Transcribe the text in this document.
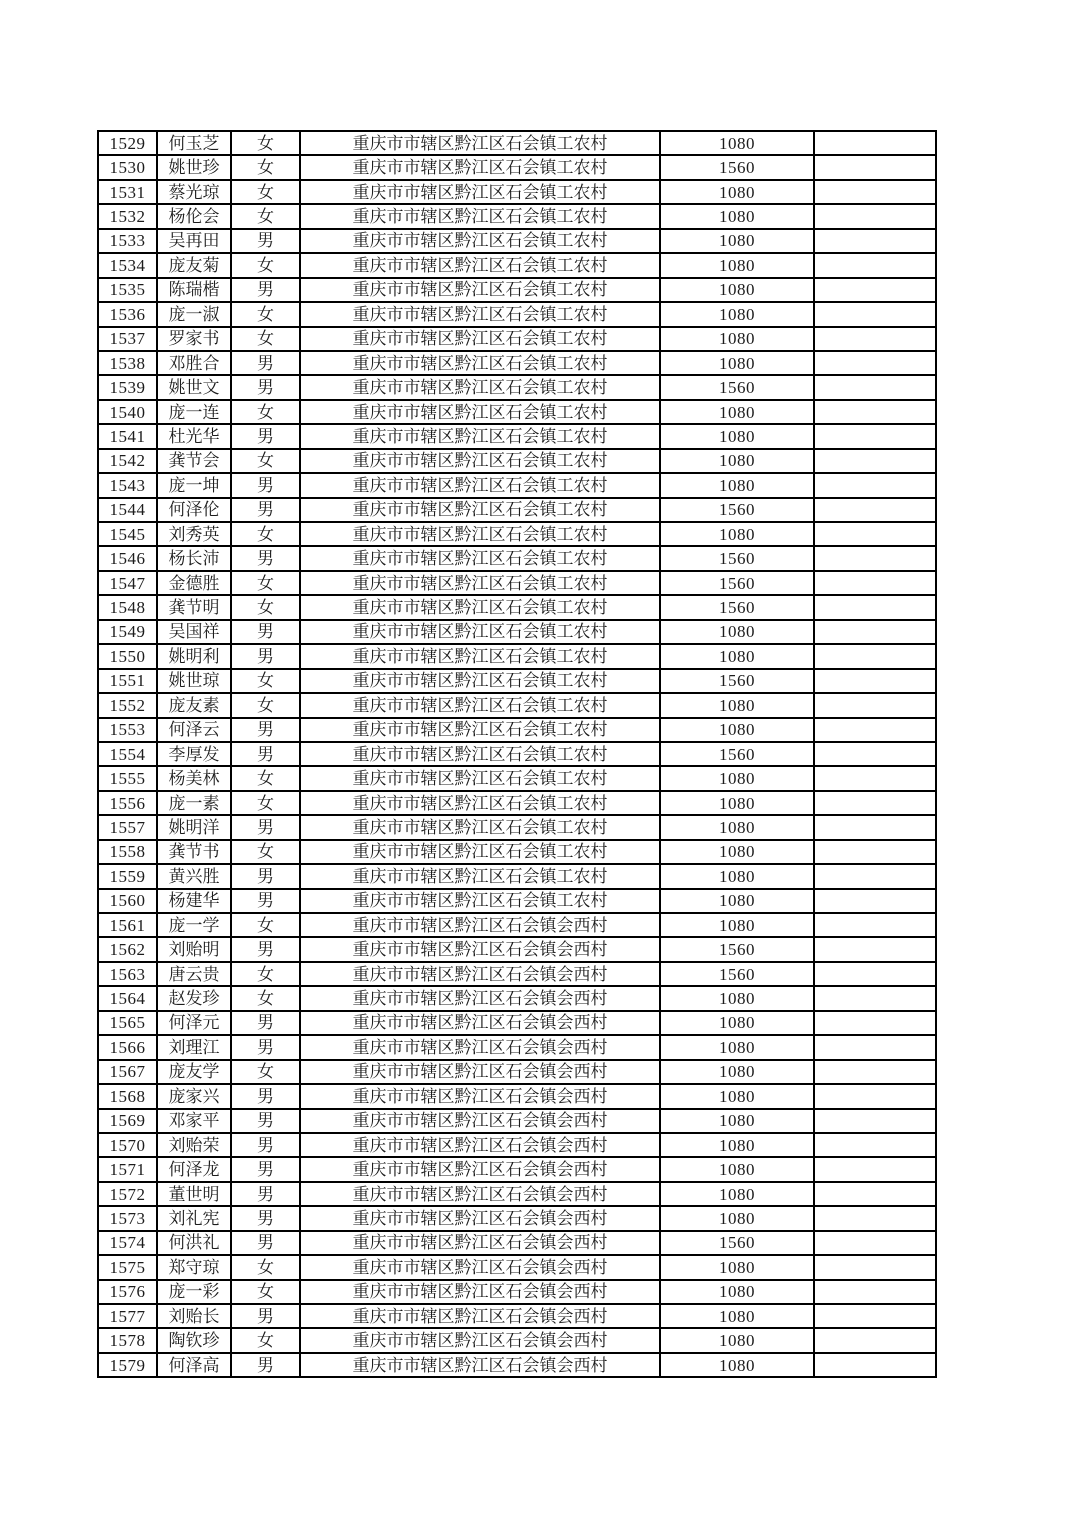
1529	何玉芝	女	重庆市市辖区黔江区石会镇工农村	1080	
1530	姚世珍	女	重庆市市辖区黔江区石会镇工农村	1560	
1531	蔡光琼	女	重庆市市辖区黔江区石会镇工农村	1080	
1532	杨伦会	女	重庆市市辖区黔江区石会镇工农村	1080	
1533	吴再田	男	重庆市市辖区黔江区石会镇工农村	1080	
1534	庞友菊	女	重庆市市辖区黔江区石会镇工农村	1080	
1535	陈瑞楷	男	重庆市市辖区黔江区石会镇工农村	1080	
1536	庞一淑	女	重庆市市辖区黔江区石会镇工农村	1080	
1537	罗家书	女	重庆市市辖区黔江区石会镇工农村	1080	
1538	邓胜合	男	重庆市市辖区黔江区石会镇工农村	1080	
1539	姚世文	男	重庆市市辖区黔江区石会镇工农村	1560	
1540	庞一连	女	重庆市市辖区黔江区石会镇工农村	1080	
1541	杜光华	男	重庆市市辖区黔江区石会镇工农村	1080	
1542	龚节会	女	重庆市市辖区黔江区石会镇工农村	1080	
1543	庞一坤	男	重庆市市辖区黔江区石会镇工农村	1080	
1544	何泽伦	男	重庆市市辖区黔江区石会镇工农村	1560	
1545	刘秀英	女	重庆市市辖区黔江区石会镇工农村	1080	
1546	杨长沛	男	重庆市市辖区黔江区石会镇工农村	1560	
1547	金德胜	女	重庆市市辖区黔江区石会镇工农村	1560	
1548	龚节明	女	重庆市市辖区黔江区石会镇工农村	1560	
1549	吴国祥	男	重庆市市辖区黔江区石会镇工农村	1080	
1550	姚明利	男	重庆市市辖区黔江区石会镇工农村	1080	
1551	姚世琼	女	重庆市市辖区黔江区石会镇工农村	1560	
1552	庞友素	女	重庆市市辖区黔江区石会镇工农村	1080	
1553	何泽云	男	重庆市市辖区黔江区石会镇工农村	1080	
1554	李厚发	男	重庆市市辖区黔江区石会镇工农村	1560	
1555	杨美林	女	重庆市市辖区黔江区石会镇工农村	1080	
1556	庞一素	女	重庆市市辖区黔江区石会镇工农村	1080	
1557	姚明洋	男	重庆市市辖区黔江区石会镇工农村	1080	
1558	龚节书	女	重庆市市辖区黔江区石会镇工农村	1080	
1559	黄兴胜	男	重庆市市辖区黔江区石会镇工农村	1080	
1560	杨建华	男	重庆市市辖区黔江区石会镇工农村	1080	
1561	庞一学	女	重庆市市辖区黔江区石会镇会西村	1080	
1562	刘贻明	男	重庆市市辖区黔江区石会镇会西村	1560	
1563	唐云贵	女	重庆市市辖区黔江区石会镇会西村	1560	
1564	赵发珍	女	重庆市市辖区黔江区石会镇会西村	1080	
1565	何泽元	男	重庆市市辖区黔江区石会镇会西村	1080	
1566	刘理江	男	重庆市市辖区黔江区石会镇会西村	1080	
1567	庞友学	女	重庆市市辖区黔江区石会镇会西村	1080	
1568	庞家兴	男	重庆市市辖区黔江区石会镇会西村	1080	
1569	邓家平	男	重庆市市辖区黔江区石会镇会西村	1080	
1570	刘贻荣	男	重庆市市辖区黔江区石会镇会西村	1080	
1571	何泽龙	男	重庆市市辖区黔江区石会镇会西村	1080	
1572	董世明	男	重庆市市辖区黔江区石会镇会西村	1080	
1573	刘礼宪	男	重庆市市辖区黔江区石会镇会西村	1080	
1574	何洪礼	男	重庆市市辖区黔江区石会镇会西村	1560	
1575	郑守琼	女	重庆市市辖区黔江区石会镇会西村	1080	
1576	庞一彩	女	重庆市市辖区黔江区石会镇会西村	1080	
1577	刘贻长	男	重庆市市辖区黔江区石会镇会西村	1080	
1578	陶钦珍	女	重庆市市辖区黔江区石会镇会西村	1080	
1579	何泽高	男	重庆市市辖区黔江区石会镇会西村	1080	
